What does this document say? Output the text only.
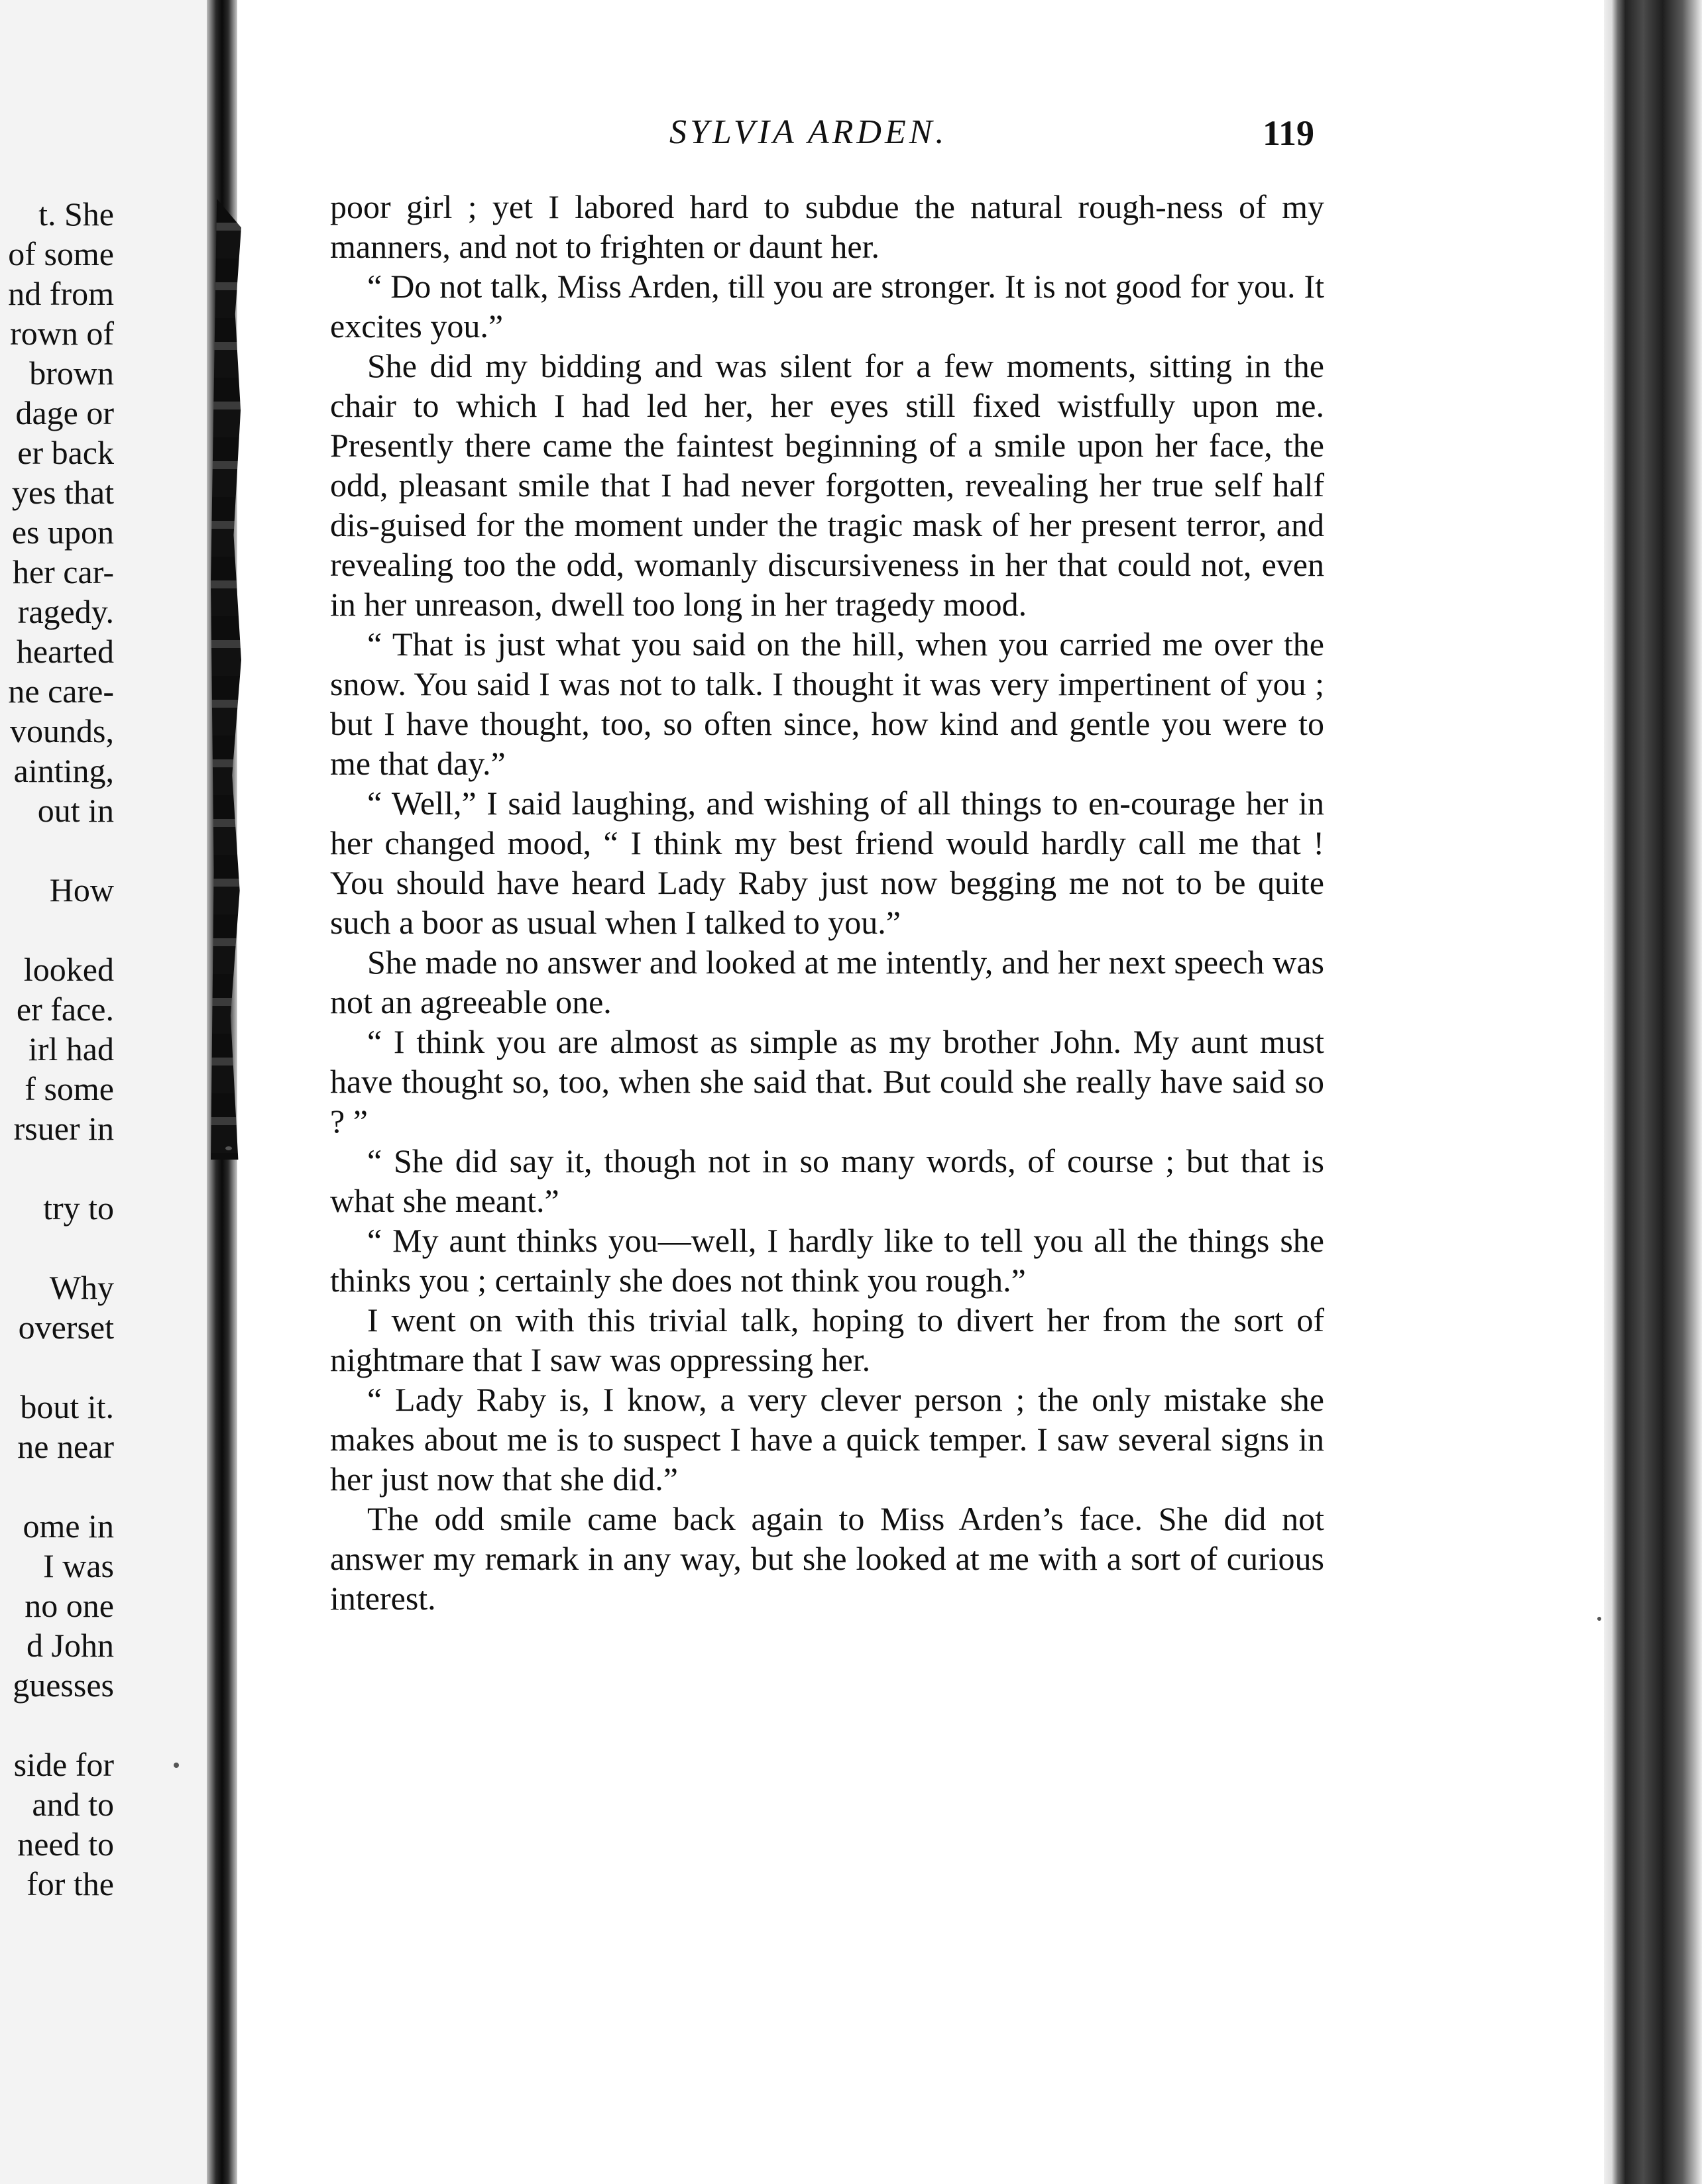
t. She
of some
nd from
rown of
brown
dage or
er back
yes that
es upon
her car-
ragedy.
hearted
ne care-
vounds,
ainting,
out in
How
looked
er face.
irl had
f some
rsuer in
try to
Why
overset
bout it.
ne near
ome in
I was
no one
d John
guesses
side for
and to
need to
for the
SYLVIA ARDEN.	119

poor girl ; yet I labored hard to subdue the natural rough-ness of my manners, and not to frighten or daunt her.

“ Do not talk, Miss Arden, till you are stronger. It is not good for you. It excites you.”

She did my bidding and was silent for a few moments, sitting in the chair to which I had led her, her eyes still fixed wistfully upon me. Presently there came the faintest beginning of a smile upon her face, the odd, pleasant smile that I had never forgotten, revealing her true self half dis-guised for the moment under the tragic mask of her present terror, and revealing too the odd, womanly discursiveness in her that could not, even in her unreason, dwell too long in her tragedy mood.

“ That is just what you said on the hill, when you carried me over the snow. You said I was not to talk. I thought it was very impertinent of you ; but I have thought, too, so often since, how kind and gentle you were to me that day.”

“ Well,” I said laughing, and wishing of all things to en-courage her in her changed mood, “ I think my best friend would hardly call me that ! You should have heard Lady Raby just now begging me not to be quite such a boor as usual when I talked to you.”

She made no answer and looked at me intently, and her next speech was not an agreeable one.

“ I think you are almost as simple as my brother John. My aunt must have thought so, too, when she said that. But could she really have said so ? ”

“ She did say it, though not in so many words, of course ; but that is what she meant.”

“ My aunt thinks you—well, I hardly like to tell you all the things she thinks you ; certainly she does not think you rough.”

I went on with this trivial talk, hoping to divert her from the sort of nightmare that I saw was oppressing her.

“ Lady Raby is, I know, a very clever person ; the only mistake she makes about me is to suspect I have a quick temper. I saw several signs in her just now that she did.”

The odd smile came back again to Miss Arden’s face. She did not answer my remark in any way, but she looked at me with a sort of curious interest.
